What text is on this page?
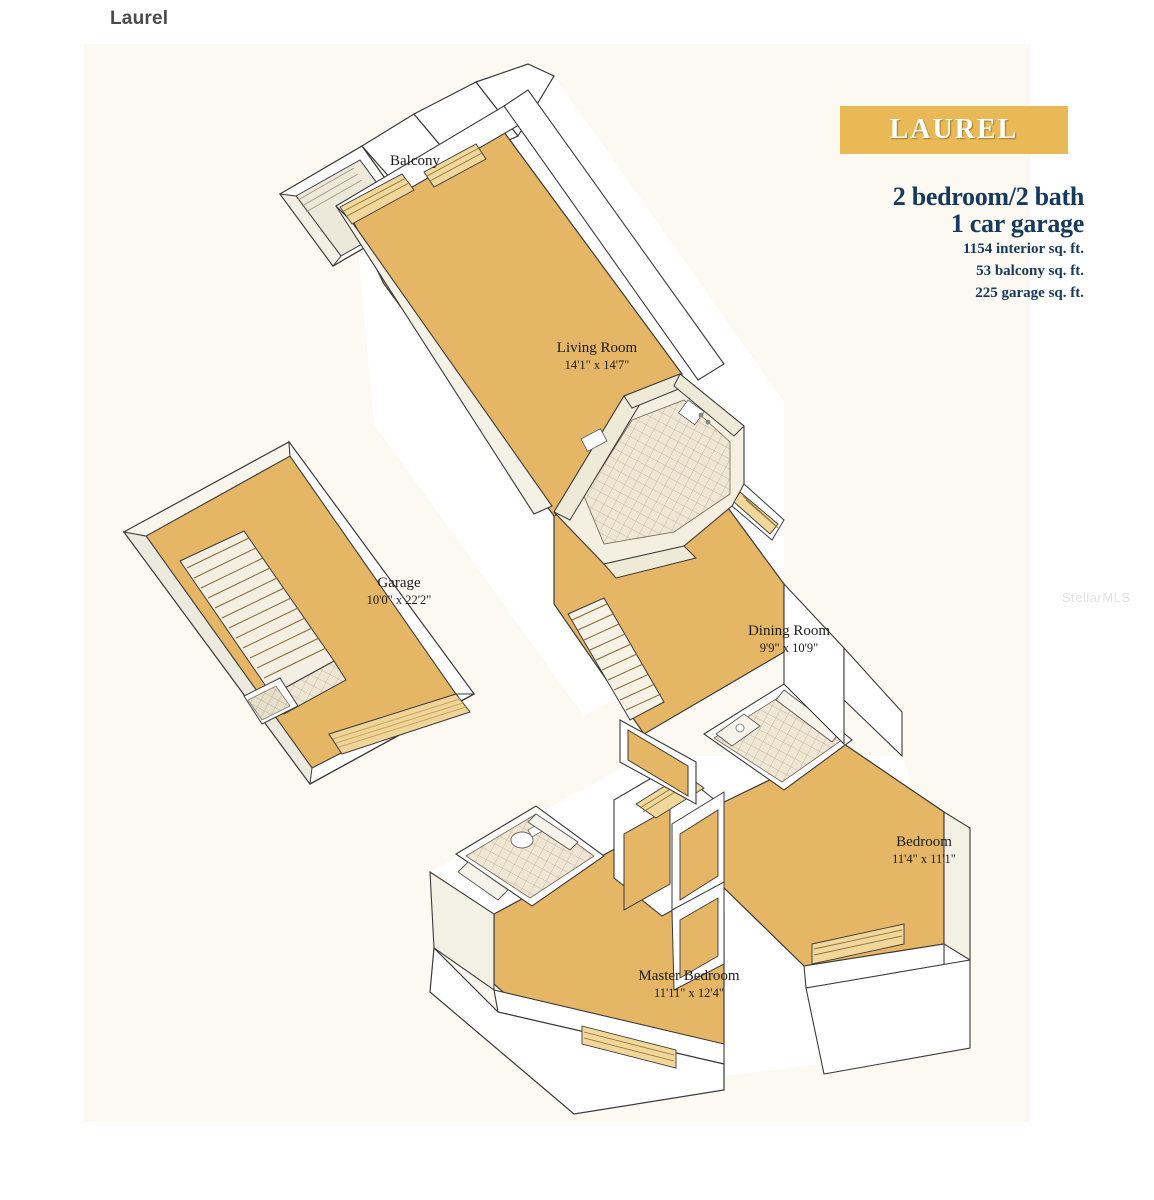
Laurel
StellarMLS
Balcony
Living Room
14'1" x 14'7"
Garage
10'0" x 22'2"
Dining Room
9'9" x 10'9"
Bedroom
11'4" x 11'1"
Master Bedroom
11'11" x 12'4"
LAUREL
2 bedroom/2 bath
1 car garage
1154 interior sq. ft.
53 balcony sq. ft.
225 garage sq. ft.
